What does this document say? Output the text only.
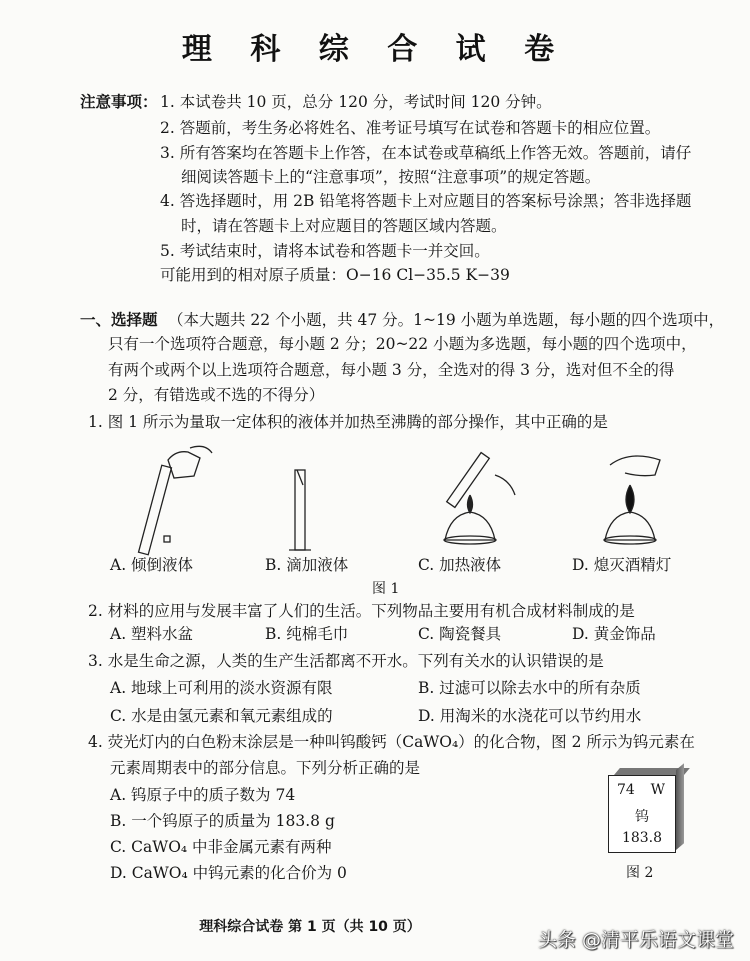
理 科 综 合 试 卷
注意事项： 1. 本试卷共 10 页，总分 120 分，考试时间 120 分钟。
2. 答题前，考生务必将姓名、准考证号填写在试卷和答题卡的相应位置。
3. 所有答案均在答题卡上作答，在本试卷或草稿纸上作答无效。答题前，请仔
细阅读答题卡上的“注意事项”，按照“注意事项”的规定答题。
4. 答选择题时，用 2B 铅笔将答题卡上对应题目的答案标号涂黑；答非选择题
时，请在答题卡上对应题目的答题区域内答题。
5. 考试结束时，请将本试卷和答题卡一并交回。
可能用到的相对原子质量：O−16 Cl−35.5 K−39
一、选择题 （本大题共 22 个小题，共 47 分。1~19 小题为单选题，每小题的四个选项中，
只有一个选项符合题意，每小题 2 分；20~22 小题为多选题，每小题的四个选项中，
有两个或两个以上选项符合题意，每小题 3 分，全选对的得 3 分，选对但不全的得
2 分，有错选或不选的不得分）
1. 图 1 所示为量取一定体积的液体并加热至沸腾的部分操作，其中正确的是
A. 倾倒液体	B. 滴加液体	C. 加热液体	D. 熄灭酒精灯
图 1
2. 材料的应用与发展丰富了人们的生活。下列物品主要用有机合成材料制成的是
A. 塑料水盆	B. 纯棉毛巾	C. 陶瓷餐具	D. 黄金饰品
3. 水是生命之源，人类的生产生活都离不开水。下列有关水的认识错误的是
A. 地球上可利用的淡水资源有限	B. 过滤可以除去水中的所有杂质
C. 水是由氢元素和氧元素组成的	D. 用淘米的水浇花可以节约用水
4. 荧光灯内的白色粉末涂层是一种叫钨酸钙（CaWO₄）的化合物，图 2 所示为钨元素在
元素周期表中的部分信息。下列分析正确的是
A. 钨原子中的质子数为 74
B. 一个钨原子的质量为 183.8 g
C. CaWO₄ 中非金属元素有两种
D. CaWO₄ 中钨元素的化合价为 0
74 W
钨
183.8
图 2
理科综合试卷 第 1 页（共 10 页）
头条 @清平乐语文课堂
